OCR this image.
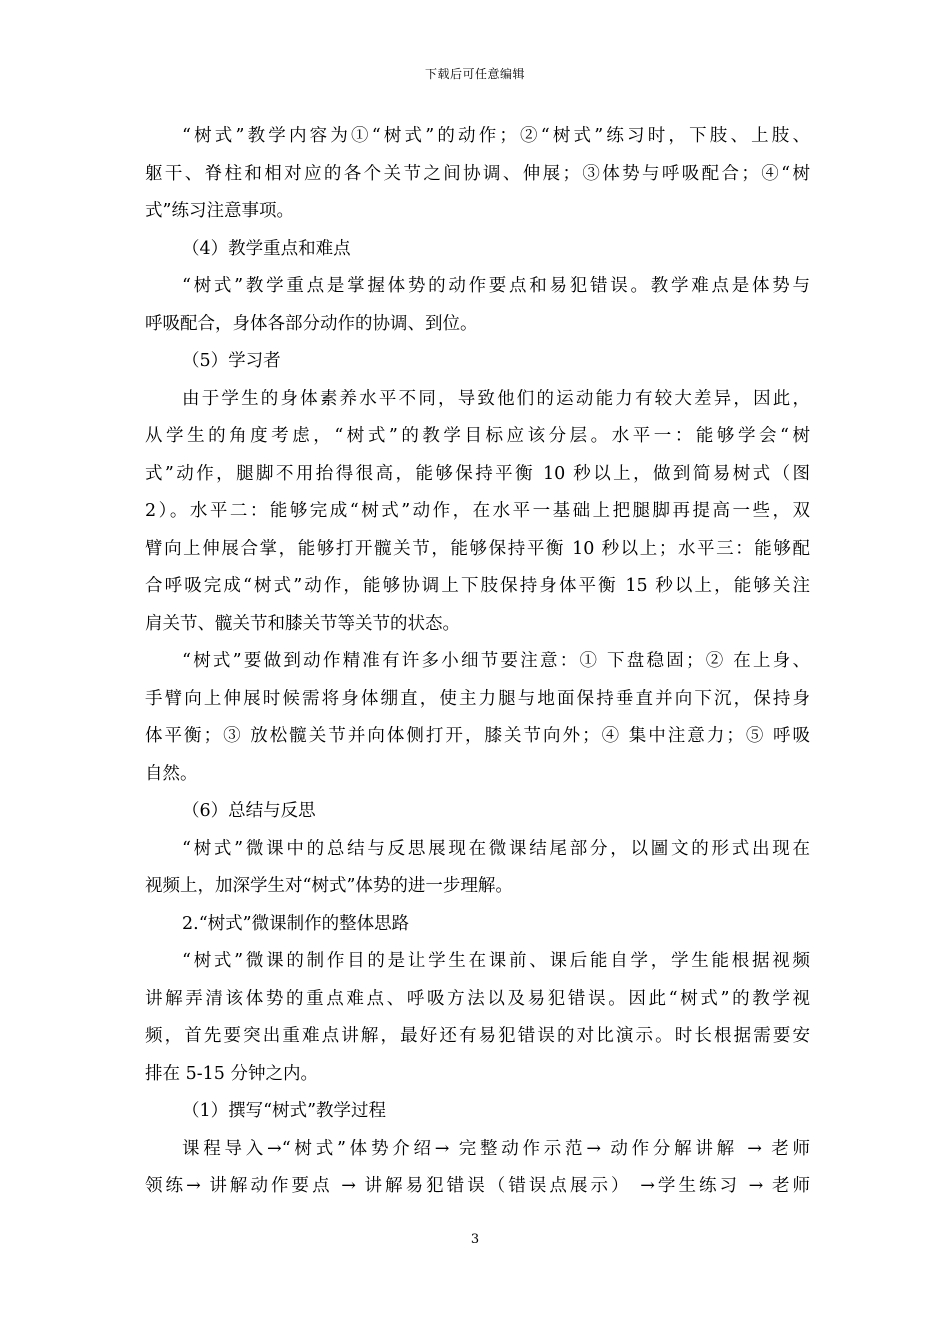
下载后可任意编辑
“树式”教学内容为①“树式”的动作；②“树式”练习时，下肢、上肢、
躯干、脊柱和相对应的各个关节之间协调、伸展；③体势与呼吸配合；④“树
式”练习注意事项。
（4）教学重点和难点
“树式”教学重点是掌握体势的动作要点和易犯错误。教学难点是体势与
呼吸配合，身体各部分动作的协调、到位。
（5）学习者
由于学生的身体素养水平不同，导致他们的运动能力有较大差异，因此，
从学生的角度考虑，“树式”的教学目标应该分层。水平一：能够学会“树
式”动作，腿脚不用抬得很高，能够保持平衡 10 秒以上，做到简易树式（图
2）。水平二：能够完成“树式”动作，在水平一基础上把腿脚再提高一些，双
臂向上伸展合掌，能够打开髋关节，能够保持平衡 10 秒以上；水平三：能够配
合呼吸完成“树式”动作，能够协调上下肢保持身体平衡 15 秒以上，能够关注
肩关节、髋关节和膝关节等关节的状态。
“树式”要做到动作精准有许多小细节要注意：① 下盘稳固；② 在上身、
手臂向上伸展时候需将身体绷直，使主力腿与地面保持垂直并向下沉，保持身
体平衡；③ 放松髋关节并向体侧打开，膝关节向外；④ 集中注意力；⑤ 呼吸
自然。
（6）总结与反思
“树式”微课中的总结与反思展现在微课结尾部分，以圖文的形式出现在
视频上，加深学生对“树式”体势的进一步理解。
2.“树式”微课制作的整体思路
“树式”微课的制作目的是让学生在课前、课后能自学，学生能根据视频
讲解弄清该体势的重点难点、呼吸方法以及易犯错误。因此“树式”的教学视
频，首先要突出重难点讲解，最好还有易犯错误的对比演示。时长根据需要安
排在 5-15 分钟之内。
（1）撰写“树式”教学过程
课程导入→“树式”体势介绍→ 完整动作示范→ 动作分解讲解 → 老师
领练→ 讲解动作要点 → 讲解易犯错误（错误点展示） →学生练习 → 老师
3
